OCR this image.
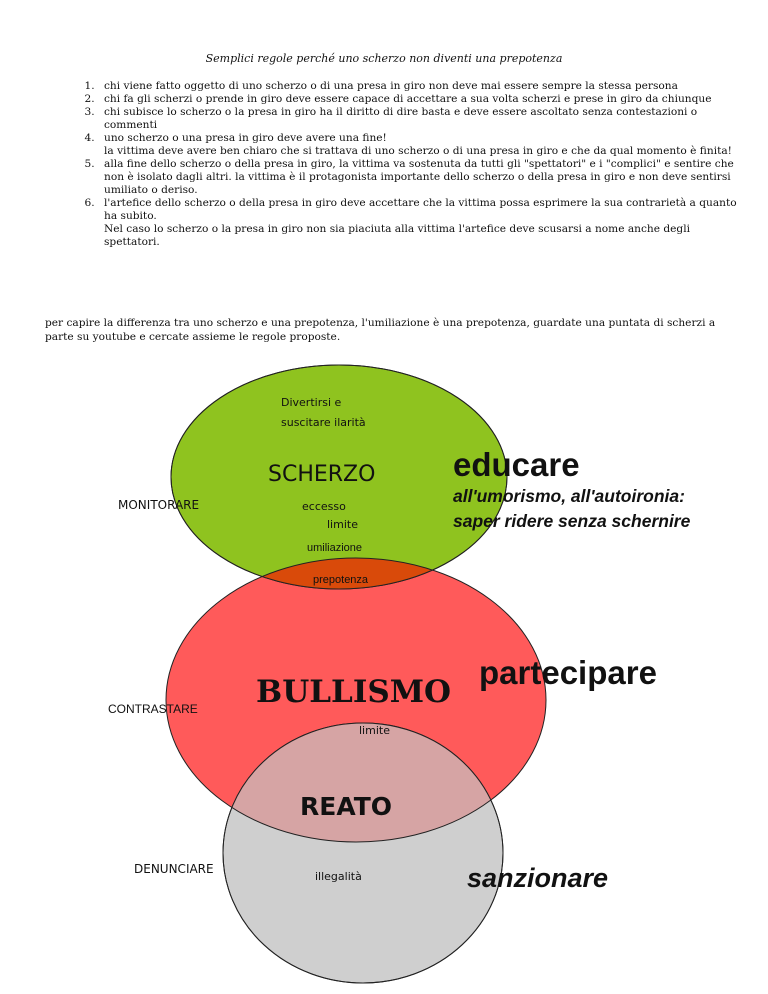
Semplici regole perché uno scherzo non diventi una prepotenza
1. chi viene fatto oggetto di uno scherzo o di una presa in giro non deve mai essere sempre la stessa persona
2. chi fa gli scherzi o prende in giro deve essere capace di accettare a sua volta scherzi e prese in giro da chiunque
3. chi subisce lo scherzo o la presa in giro ha il diritto di dire basta e deve essere ascoltato senza contestazioni o commenti
4. uno scherzo o una presa in giro deve avere una fine!
la vittima deve avere ben chiaro che si trattava di uno scherzo o di una presa in giro e che da qual momento è finita!
5. alla fine dello scherzo o della presa in giro, la vittima va sostenuta da tutti gli "spettatori" e i "complici" e sentire che non è isolato dagli altri. la vittima è il protagonista importante dello scherzo o della presa in giro e non deve sentirsi umiliato o deriso.
6. l'artefice dello scherzo o della presa in giro deve accettare che la vittima possa esprimere la sua contrarietà a quanto ha subito.
Nel caso lo scherzo o la presa in giro non sia piaciuta alla vittima l'artefice deve scusarsi a nome anche degli spettatori.
per capire la differenza tra uno scherzo e una prepotenza, l'umiliazione è una prepotenza, guardate una puntata di scherzi a parte su youtube e cercate assieme le regole proposte.
Divertirsi e
suscitare ilarità
SCHERZO
MONITORARE	eccesso
limite
educare
all'umorismo, all'autoironia:
saper ridere senza schernire
umiliazione
prepotenza
BULLISMO
CONTRASTARE
limite
partecipare
REATO
DENUNCIARE
illegalità	sanzionare
